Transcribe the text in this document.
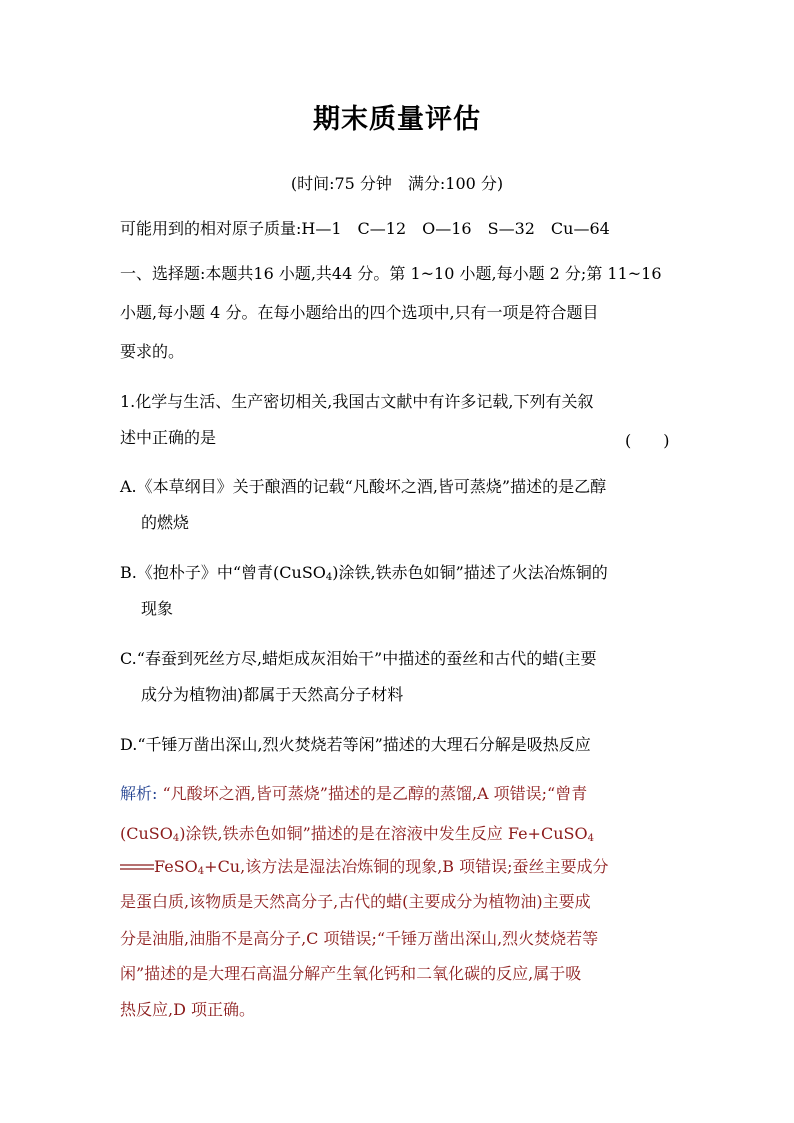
期末质量评估
(时间:75 分钟　满分:100 分)
可能用到的相对原子质量:H—1　C—12　O—16　S—32　Cu—64
一、选择题:本题共16 小题,共44 分。第 1~10 小题,每小题 2 分;第 11~16
小题,每小题 4 分。在每小题给出的四个选项中,只有一项是符合题目
要求的。
1.化学与生活、生产密切相关,我国古文献中有许多记载,下列有关叙
述中正确的是	(　　)
A.《本草纲目》关于酿酒的记载“凡酸坏之酒,皆可蒸烧”描述的是乙醇
的燃烧
B.《抱朴子》中“曾青(CuSO$_4$)涂铁,铁赤色如铜”描述了火法冶炼铜的
现象
C.“春蚕到死丝方尽,蜡炬成灰泪始干”中描述的蚕丝和古代的蜡(主要
成分为植物油)都属于天然高分子材料
D.“千锤万凿出深山,烈火焚烧若等闲”描述的大理石分解是吸热反应
解析: “凡酸坏之酒,皆可蒸烧”描述的是乙醇的蒸馏,A 项错误;“曾青
(CuSO$_4$)涂铁,铁赤色如铜”描述的是在溶液中发生反应 Fe+CuSO$_4$
FeSO$_4$+Cu,该方法是湿法冶炼铜的现象,B 项错误;蚕丝主要成分
是蛋白质,该物质是天然高分子,古代的蜡(主要成分为植物油)主要成
分是油脂,油脂不是高分子,C 项错误;“千锤万凿出深山,烈火焚烧若等
闲”描述的是大理石高温分解产生氧化钙和二氧化碳的反应,属于吸
热反应,D 项正确。
